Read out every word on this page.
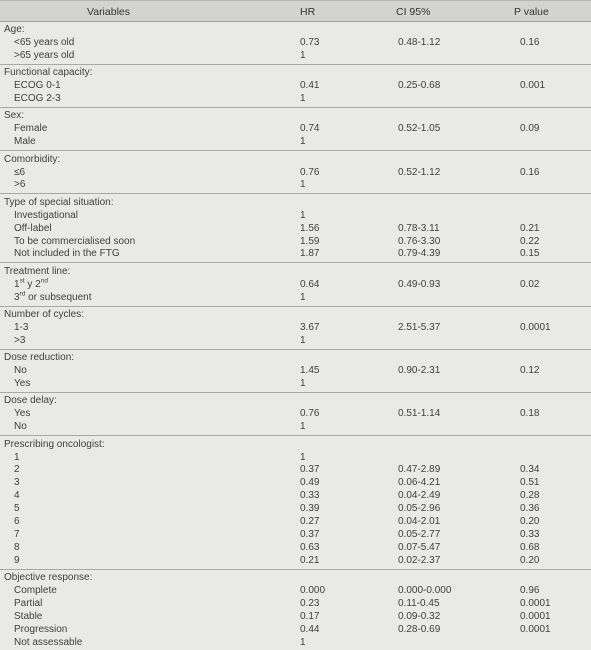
Variables	HR	CI 95%	P value
Age:
<65 years old	0.73	0.48-1.12	0.16
>65 years old	1
Functional capacity:
ECOG 0-1	0.41	0.25-0.68	0.001
ECOG 2-3	1
Sex:
Female	0.74	0.52-1.05	0.09
Male	1
Comorbidity:
≤6	0.76	0.52-1.12	0.16
>6	1
Type of special situation:
Investigational	1
Off-label	1.56	0.78-3.11	0.21
To be commercialised soon	1.59	0.76-3.30	0.22
Not included in the FTG	1.87	0.79-4.39	0.15
Treatment line:
1st y 2nd	0.64	0.49-0.93	0.02
3rd or subsequent	1
Number of cycles:
1-3	3.67	2.51-5.37	0.0001
>3	1
Dose reduction:
No	1.45	0.90-2.31	0.12
Yes	1
Dose delay:
Yes	0.76	0.51-1.14	0.18
No	1
Prescribing oncologist:
1	1
2	0.37	0.47-2.89	0.34
3	0.49	0.06-4.21	0.51
4	0.33	0.04-2.49	0.28
5	0.39	0.05-2.96	0.36
6	0.27	0.04-2.01	0.20
7	0.37	0.05-2.77	0.33
8	0.63	0.07-5.47	0.68
9	0.21	0.02-2.37	0.20
Objective response:
Complete	0.000	0.000-0.000	0.96
Partial	0.23	0.11-0.45	0.0001
Stable	0.17	0.09-0.32	0.0001
Progression	0.44	0.28-0.69	0.0001
Not assessable	1
